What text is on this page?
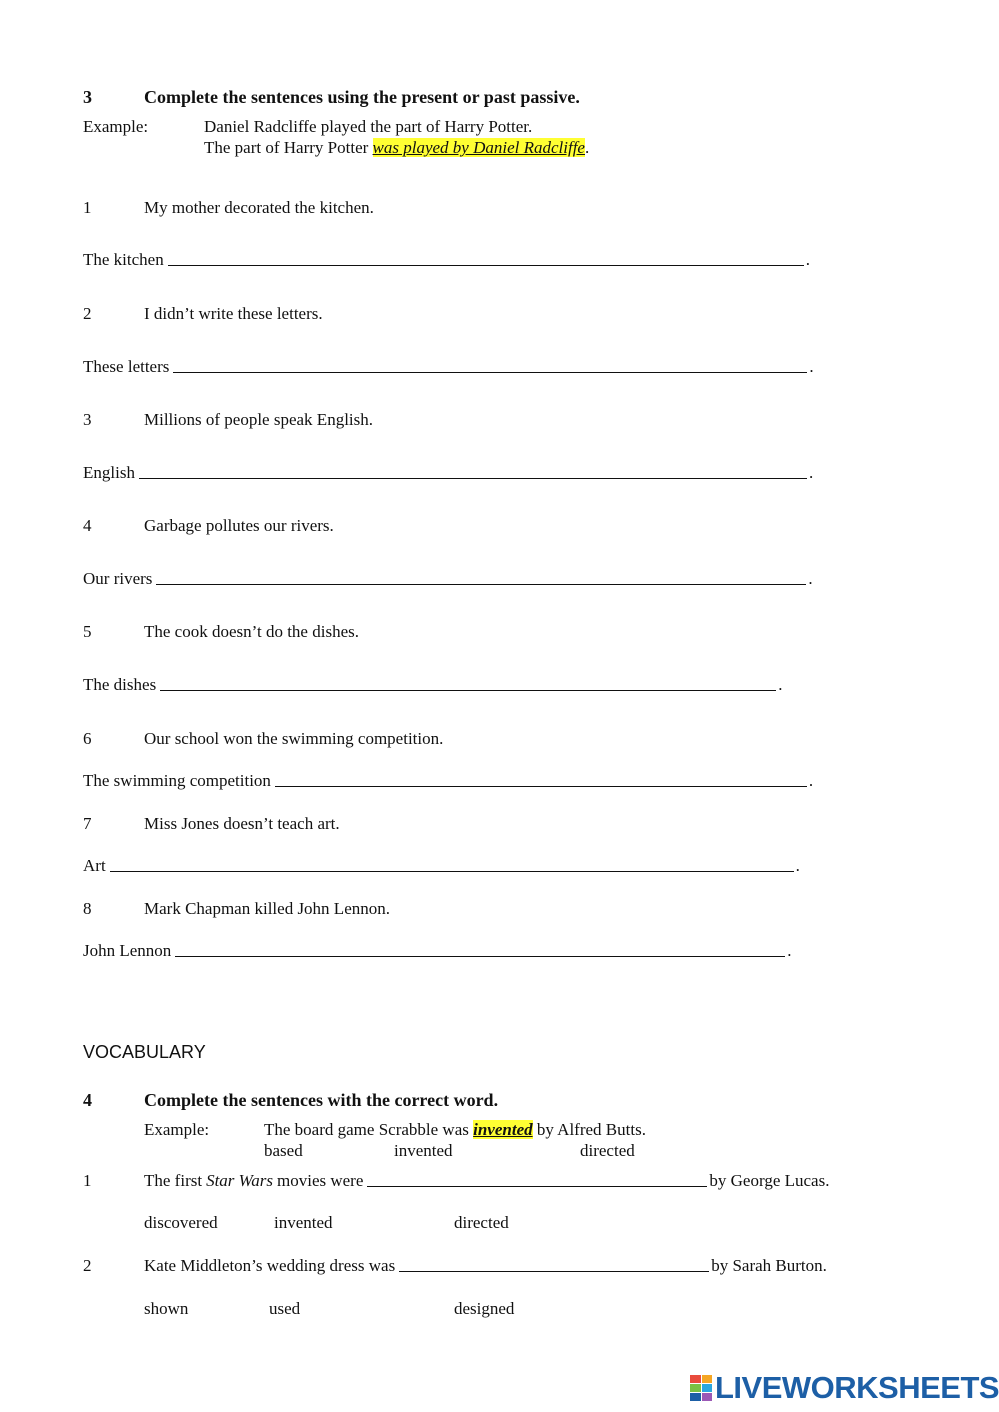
3	Complete the sentences using the present or past passive.
Example:	Daniel Radcliffe played the part of Harry Potter.
The part of Harry Potter was played by Daniel Radcliffe.
1	My mother decorated the kitchen.
The kitchen	.
2	I didn’t write these letters.
These letters	.
3	Millions of people speak English.
English	.
4	Garbage pollutes our rivers.
Our rivers	.
5	The cook doesn’t do the dishes.
The dishes	.
6	Our school won the swimming competition.
The swimming competition	.
7	Miss Jones doesn’t teach art.
Art	.
8	Mark Chapman killed John Lennon.
John Lennon	.
VOCABULARY
4	Complete the sentences with the correct word.
Example:	The board game Scrabble was invented by Alfred Butts.
based	invented	directed
1	The first Star Wars movies were	by George Lucas.
discovered	invented	directed
2	Kate Middleton’s wedding dress was	by Sarah Burton.
shown	used	designed
LIVEWORKSHEETS
